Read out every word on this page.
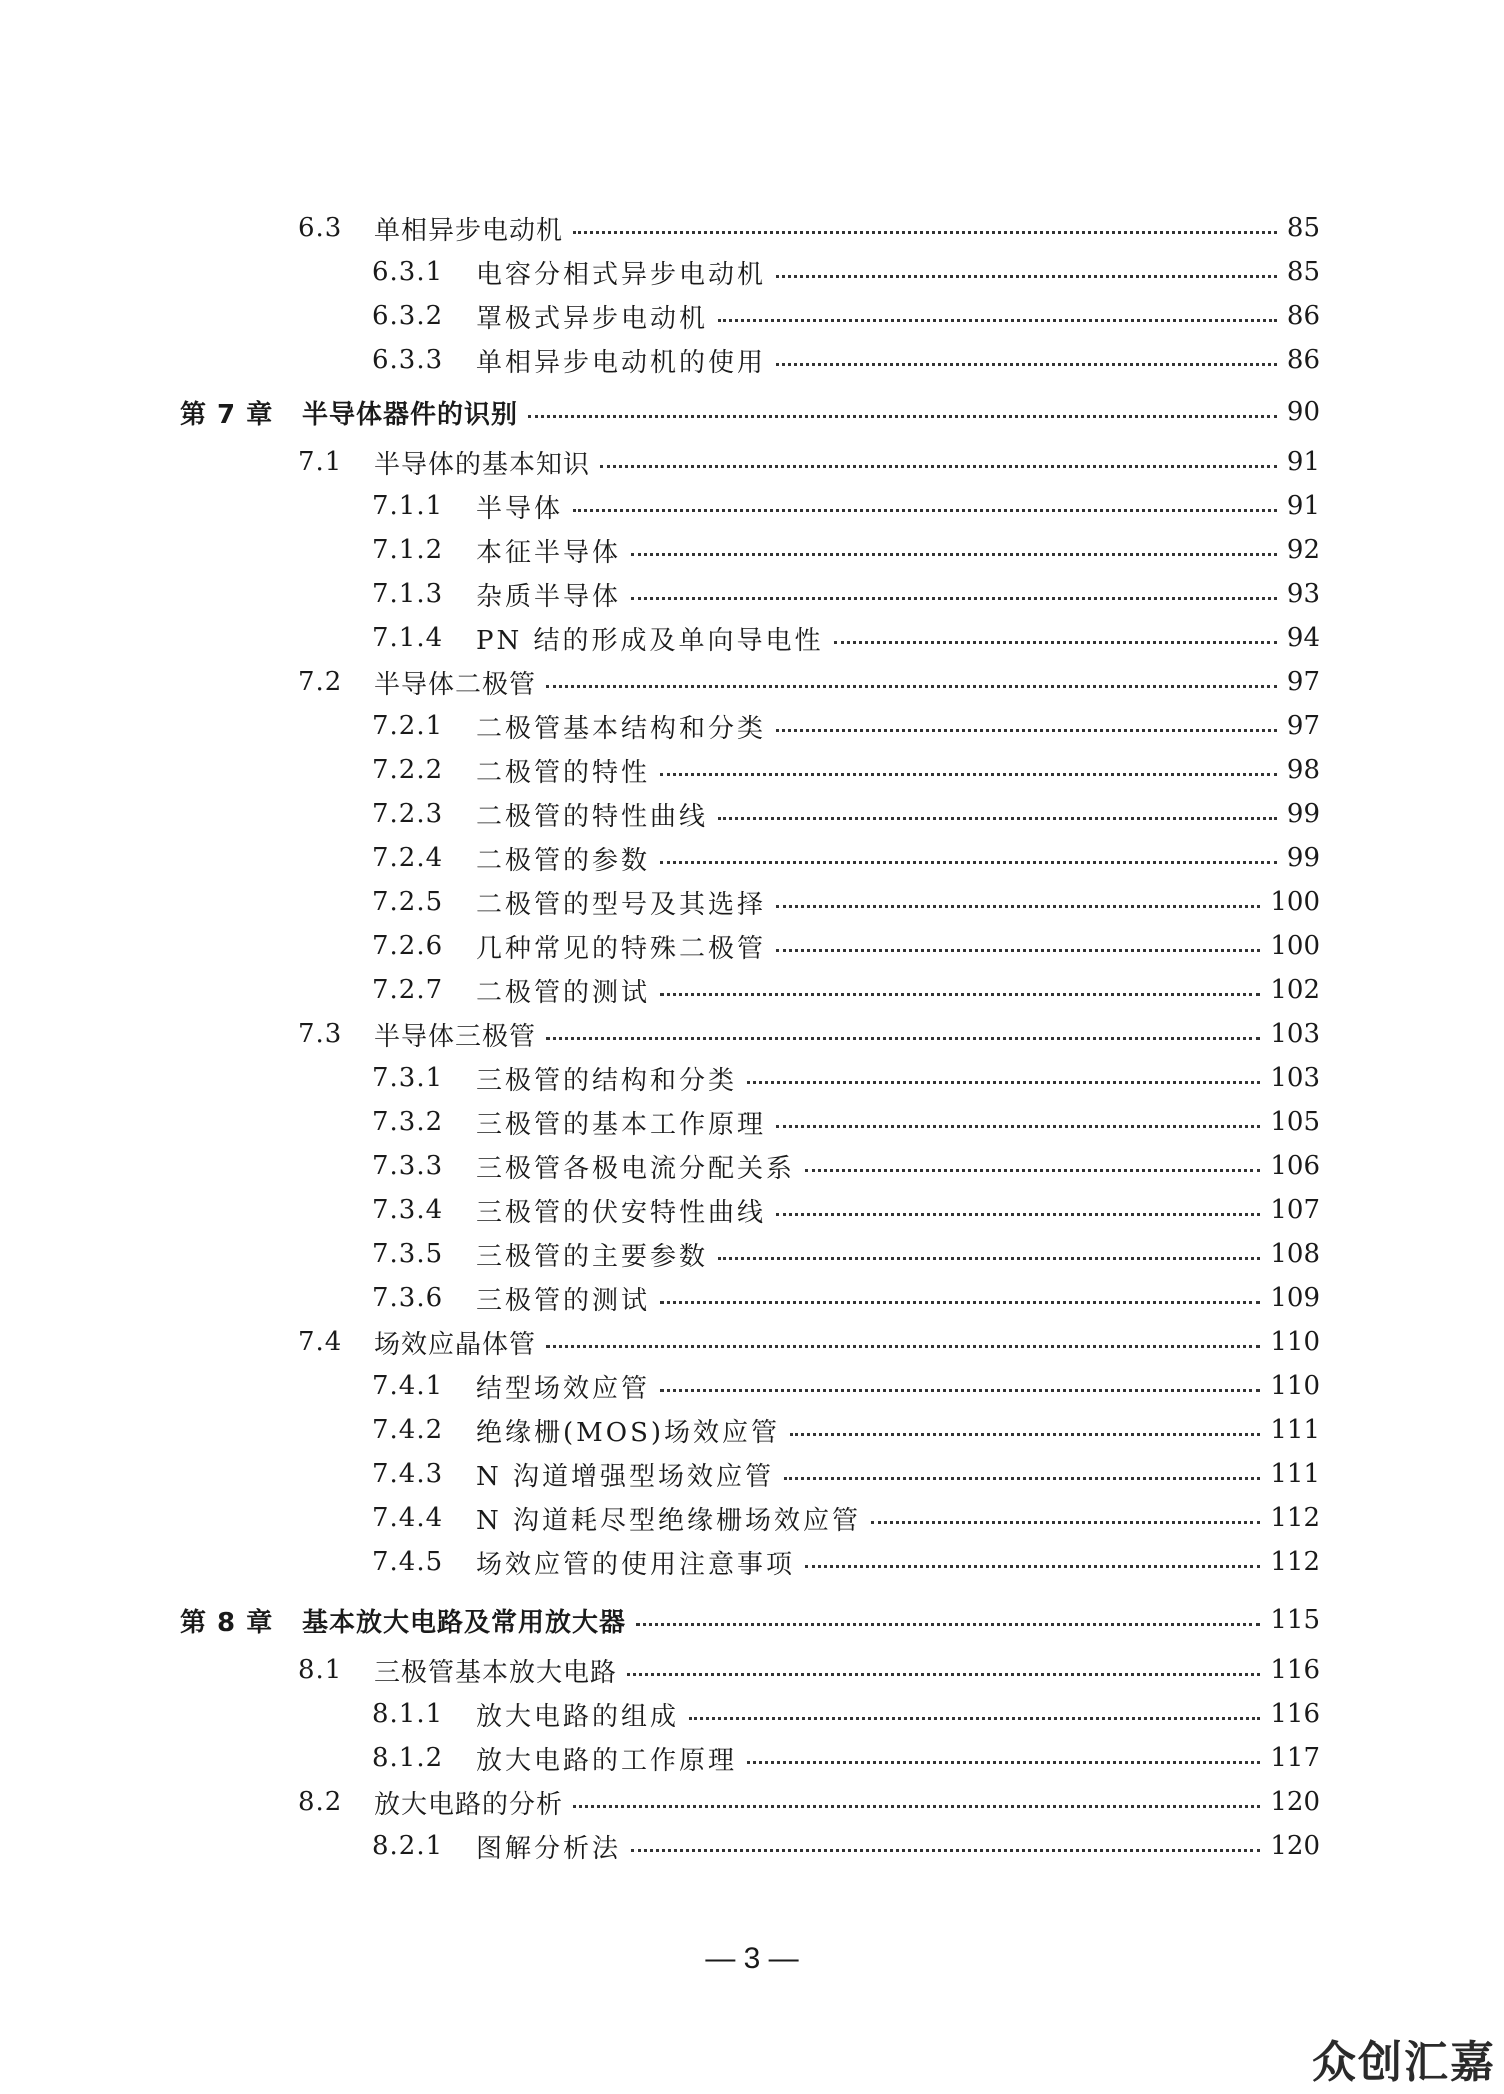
6.3	单相异步电动机	85
6.3.1	电容分相式异步电动机	85
6.3.2	罩极式异步电动机	86
6.3.3	单相异步电动机的使用	86
第 7 章	半导体器件的识别	90
7.1	半导体的基本知识	91
7.1.1	半导体	91
7.1.2	本征半导体	92
7.1.3	杂质半导体	93
7.1.4	PN 结的形成及单向导电性	94
7.2	半导体二极管	97
7.2.1	二极管基本结构和分类	97
7.2.2	二极管的特性	98
7.2.3	二极管的特性曲线	99
7.2.4	二极管的参数	99
7.2.5	二极管的型号及其选择	100
7.2.6	几种常见的特殊二极管	100
7.2.7	二极管的测试	102
7.3	半导体三极管	103
7.3.1	三极管的结构和分类	103
7.3.2	三极管的基本工作原理	105
7.3.3	三极管各极电流分配关系	106
7.3.4	三极管的伏安特性曲线	107
7.3.5	三极管的主要参数	108
7.3.6	三极管的测试	109
7.4	场效应晶体管	110
7.4.1	结型场效应管	110
7.4.2	绝缘栅(MOS)场效应管	111
7.4.3	N 沟道增强型场效应管	111
7.4.4	N 沟道耗尽型绝缘栅场效应管	112
7.4.5	场效应管的使用注意事项	112
第 8 章	基本放大电路及常用放大器	115
8.1	三极管基本放大电路	116
8.1.1	放大电路的组成	116
8.1.2	放大电路的工作原理	117
8.2	放大电路的分析	120
8.2.1	图解分析法	120
— 3 —
众创汇嘉
